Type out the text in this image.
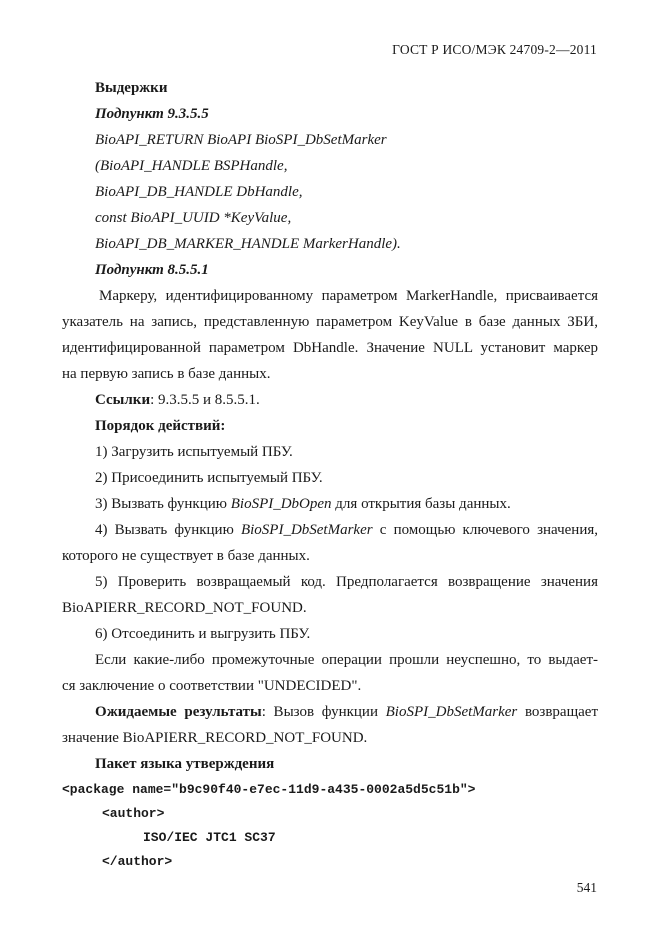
ГОСТ Р ИСО/МЭК 24709-2—2011
Выдержки
Подпункт 9.3.5.5
BioAPI_RETURN BioAPI BioSPI_DbSetMarker
(BioAPI_HANDLE BSPHandle,
BioAPI_DB_HANDLE DbHandle,
const BioAPI_UUID *KeyValue,
BioAPI_DB_MARKER_HANDLE MarkerHandle).
Подпункт 8.5.5.1
Маркеру, идентифицированному параметром MarkerHandle, присваивается
указатель на запись, представленную параметром KeyValue в базе данных ЗБИ,
идентифицированной параметром DbHandle. Значение NULL установит маркер
на первую запись в базе данных.
Ссылки: 9.3.5.5 и 8.5.5.1.
Порядок действий:
1) Загрузить испытуемый ПБУ.
2) Присоединить испытуемый ПБУ.
3) Вызвать функцию BioSPI_DbOpen для открытия базы данных.
4) Вызвать функцию BioSPI_DbSetMarker с помощью ключевого значения,
которого не существует в базе данных.
5) Проверить возвращаемый код. Предполагается возвращение значения
BioAPIERR_RECORD_NOT_FOUND.
6) Отсоединить и выгрузить ПБУ.
Если какие-либо промежуточные операции прошли неуспешно, то выдает-
ся заключение о соответствии "UNDECIDED".
Ожидаемые результаты: Вызов функции BioSPI_DbSetMarker возвращает
значение BioAPIERR_RECORD_NOT_FOUND.
Пакет языка утверждения
<package name="b9c90f40-e7ec-11d9-a435-0002a5d5c51b">
<author>
ISO/IEC JTC1 SC37
</author>
541
